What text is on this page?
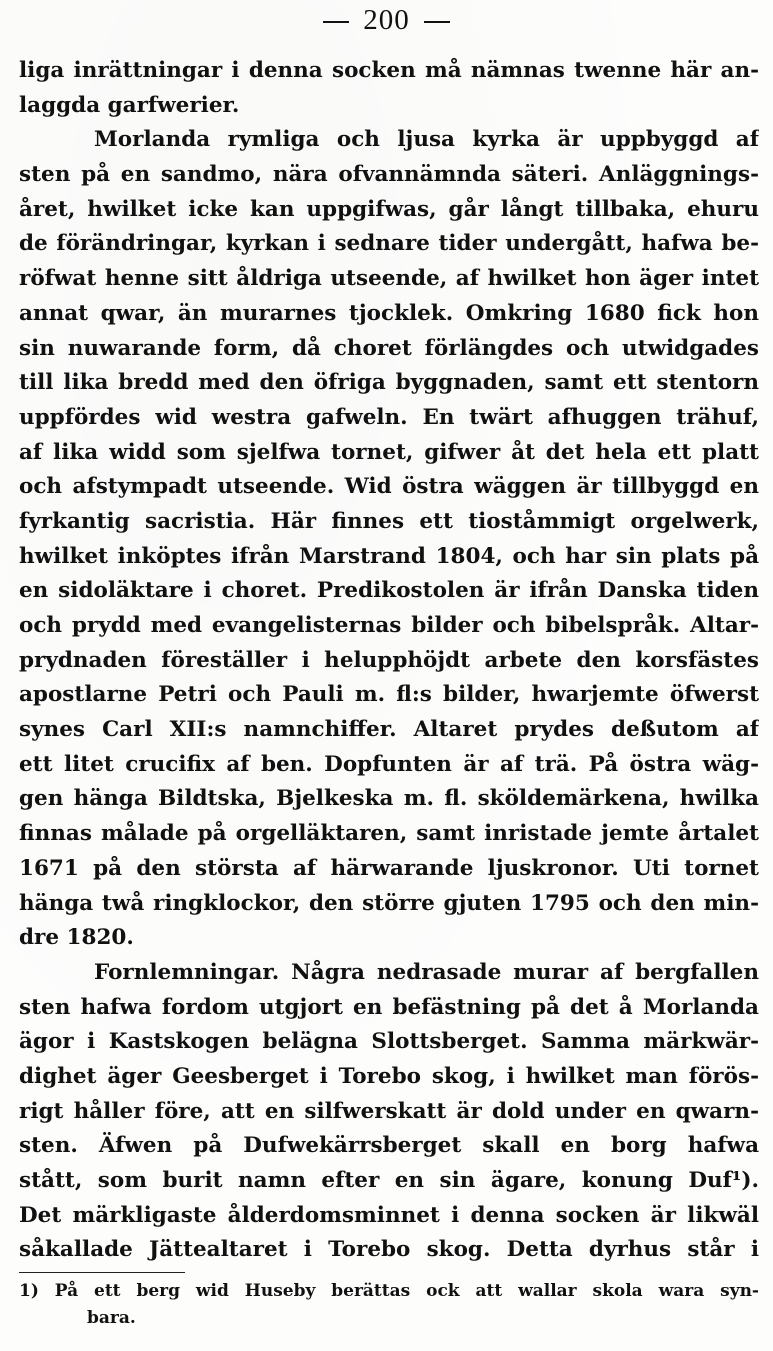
200
liga inrättningar i denna socken må nämnas twenne här an-
laggda garfwerier.
Morlanda rymliga och ljusa kyrka är uppbyggd af
sten på en sandmo, nära ofvannämnda säteri. Anläggnings-
året, hwilket icke kan uppgifwas, går långt tillbaka, ehuru
de förändringar, kyrkan i sednare tider undergått, hafwa be-
röfwat henne sitt åldriga utseende, af hwilket hon äger intet
annat qwar, än murarnes tjocklek. Omkring 1680 fick hon
sin nuwarande form, då choret förlängdes och utwidgades
till lika bredd med den öfriga byggnaden, samt ett stentorn
uppfördes wid westra gafweln. En twärt afhuggen trähuf,
af lika widd som sjelfwa tornet, gifwer åt det hela ett platt
och afstympadt utseende. Wid östra wäggen är tillbyggd en
fyrkantig sacristia. Här finnes ett tioståmmigt orgelwerk,
hwilket inköptes ifrån Marstrand 1804, och har sin plats på
en sidoläktare i choret. Predikostolen är ifrån Danska tiden
och prydd med evangelisternas bilder och bibelspråk. Altar-
prydnaden föreställer i helupphöjdt arbete den korsfästes
apostlarne Petri och Pauli m. fl:s bilder, hwarjemte öfwerst
synes Carl XII:s namnchiffer. Altaret prydes deßutom af
ett litet crucifix af ben. Dopfunten är af trä. På östra wäg-
gen hänga Bildtska, Bjelkeska m. fl. sköldemärkena, hwilka
finnas målade på orgelläktaren, samt inristade jemte årtalet
1671 på den största af härwarande ljuskronor. Uti tornet
hänga twå ringklockor, den större gjuten 1795 och den min-
dre 1820.
Fornlemningar. Några nedrasade murar af bergfallen
sten hafwa fordom utgjort en befästning på det å Morlanda
ägor i Kastskogen belägna Slottsberget. Samma märkwär-
dighet äger Geesberget i Torebo skog, i hwilket man förös-
rigt håller före, att en silfwerskatt är dold under en qwarn-
sten. Äfwen på Dufwekärrsberget skall en borg hafwa
stått, som burit namn efter en sin ägare, konung Duf¹).
Det märkligaste ålderdomsminnet i denna socken är likwäl
såkallade Jättealtaret i Torebo skog. Detta dyrhus står i
1) På ett berg wid Huseby berättas ock att wallar skola wara syn-
bara.
